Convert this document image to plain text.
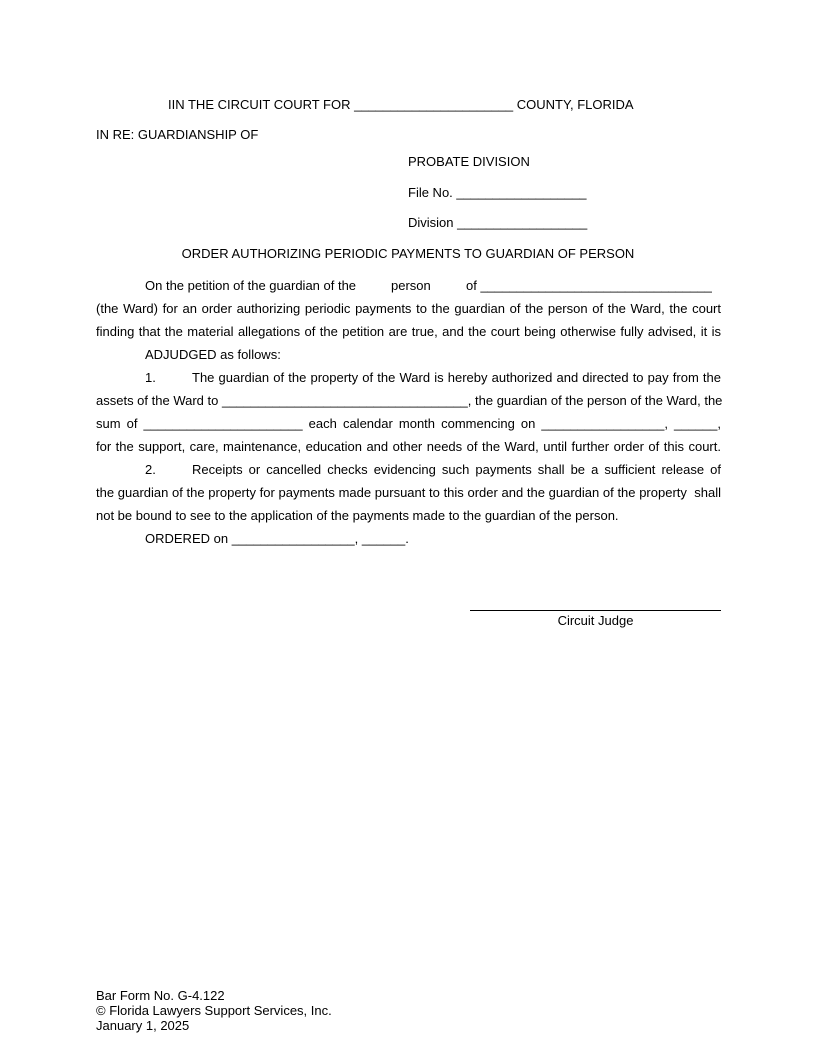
IIN THE CIRCUIT COURT FOR ______________________ COUNTY, FLORIDA
IN RE: GUARDIANSHIP OF
PROBATE DIVISION
File No. __________________
Division __________________
ORDER AUTHORIZING PERIODIC PAYMENTS TO GUARDIAN OF PERSON
On the petition of the guardian of the	person	of ________________________________
(the Ward) for an order authorizing periodic payments to the guardian of the person of the Ward, the court
finding that the material allegations of the petition are true, and the court being otherwise fully advised, it is
ADJUDGED as follows:
1.	The guardian of the property of the Ward is hereby authorized and directed to pay from the
assets of the Ward to __________________________________, the guardian of the person of the Ward, the
sum of ______________________ each calendar month commencing on _________________, ______,
for the support, care, maintenance, education and other needs of the Ward, until further order of this court.
2.	Receipts or cancelled checks evidencing such payments shall be a sufficient release of
the guardian of the property for payments made pursuant to this order and the guardian of the property  shall
not be bound to see to the application of the payments made to the guardian of the person.
ORDERED on _________________, ______.
Circuit Judge
Bar Form No. G-4.122
© Florida Lawyers Support Services, Inc.
January 1, 2025
